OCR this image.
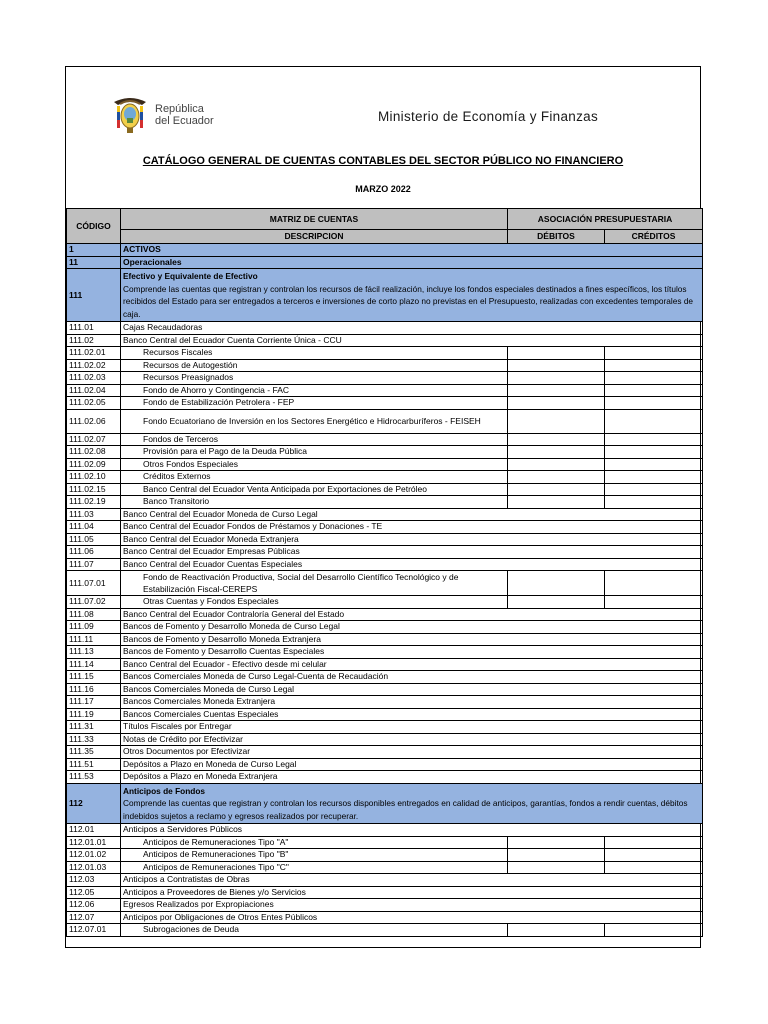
República
del Ecuador	Ministerio de Economía y Finanzas
CATÁLOGO GENERAL DE CUENTAS CONTABLES DEL SECTOR PÚBLICO NO FINANCIERO
MARZO 2022
CÓDIGO	MATRIZ DE CUENTAS	ASOCIACIÓN PRESUPUESTARIA	
	DESCRIPCION	DÉBITOS	CRÉDITOS
1	ACTIVOS		
11	Operacionales		
111	Efectivo y Equivalente de Efectivo
Comprende las cuentas que registran y controlan los recursos de fácil realización, incluye los fondos especiales destinados a fines específicos, los títulos recibidos del Estado para ser entregados a terceros e inversiones de corto plazo no previstas en el Presupuesto, realizadas con excedentes temporales de caja.		

111.01	Cajas Recaudadoras		
111.02	Banco Central del Ecuador Cuenta Corriente Única - CCU		
111.02.01	Recursos Fiscales		
111.02.02	Recursos de Autogestión		
111.02.03	Recursos Preasignados		
111.02.04	Fondo de Ahorro y Contingencia - FAC		
111.02.05	Fondo de Estabilización Petrolera - FEP		
111.02.06	Fondo Ecuatoriano de Inversión en los Sectores Energético e Hidrocarburíferos - FEISEH		
111.02.07	Fondos de Terceros		
111.02.08	Provisión para el Pago de la Deuda Pública		
111.02.09	Otros Fondos Especiales		
111.02.10	Créditos Externos		
111.02.15	Banco Central del Ecuador Venta Anticipada por Exportaciones de Petróleo		
111.02.19	Banco Transitorio		
111.03	Banco Central del Ecuador Moneda de Curso Legal		
111.04	Banco Central del Ecuador Fondos de Préstamos y Donaciones - TE		
111.05	Banco Central del Ecuador Moneda Extranjera		
111.06	Banco Central del Ecuador Empresas Públicas		
111.07	Banco Central del Ecuador Cuentas Especiales		
111.07.01	Fondo de Reactivación Productiva, Social del Desarrollo Científico Tecnológico y de Estabilización Fiscal-CEREPS		
111.07.02	Otras Cuentas y Fondos Especiales		
111.08	Banco Central del Ecuador Contraloría General del Estado		
111.09	Bancos de Fomento y Desarrollo Moneda de Curso Legal		
111.11	Bancos de Fomento y Desarrollo Moneda Extranjera		
111.13	Bancos de Fomento y Desarrollo Cuentas Especiales		
111.14	Banco Central del Ecuador - Efectivo desde mi celular		
111.15	Bancos Comerciales Moneda de Curso Legal-Cuenta de Recaudación		
111.16	Bancos Comerciales Moneda de Curso Legal		
111.17	Bancos Comerciales Moneda Extranjera		
111.19	Bancos Comerciales Cuentas Especiales		
111.31	Títulos Fiscales por Entregar		
111.33	Notas de Crédito por Efectivizar		
111.35	Otros Documentos por Efectivizar		
111.51	Depósitos a Plazo en Moneda de Curso Legal		
111.53	Depósitos a Plazo en Moneda Extranjera		
112	Anticipos de Fondos
Comprende las cuentas que registran y controlan los recursos disponibles entregados en calidad de anticipos, garantías, fondos a rendir cuentas, débitos indebidos sujetos a reclamo y egresos realizados por recuperar.		

112.01	Anticipos a Servidores Públicos		
112.01.01	Anticipos de Remuneraciones Tipo "A"		
112.01.02	Anticipos de Remuneraciones Tipo "B"		
112.01.03	Anticipos de Remuneraciones Tipo "C"		
112.03	Anticipos a Contratistas de Obras		
112.05	Anticipos a Proveedores de Bienes y/o Servicios		
112.06	Egresos Realizados por Expropiaciones		
112.07	Anticipos por Obligaciones de Otros Entes Públicos		
112.07.01	Subrogaciones de Deuda		
